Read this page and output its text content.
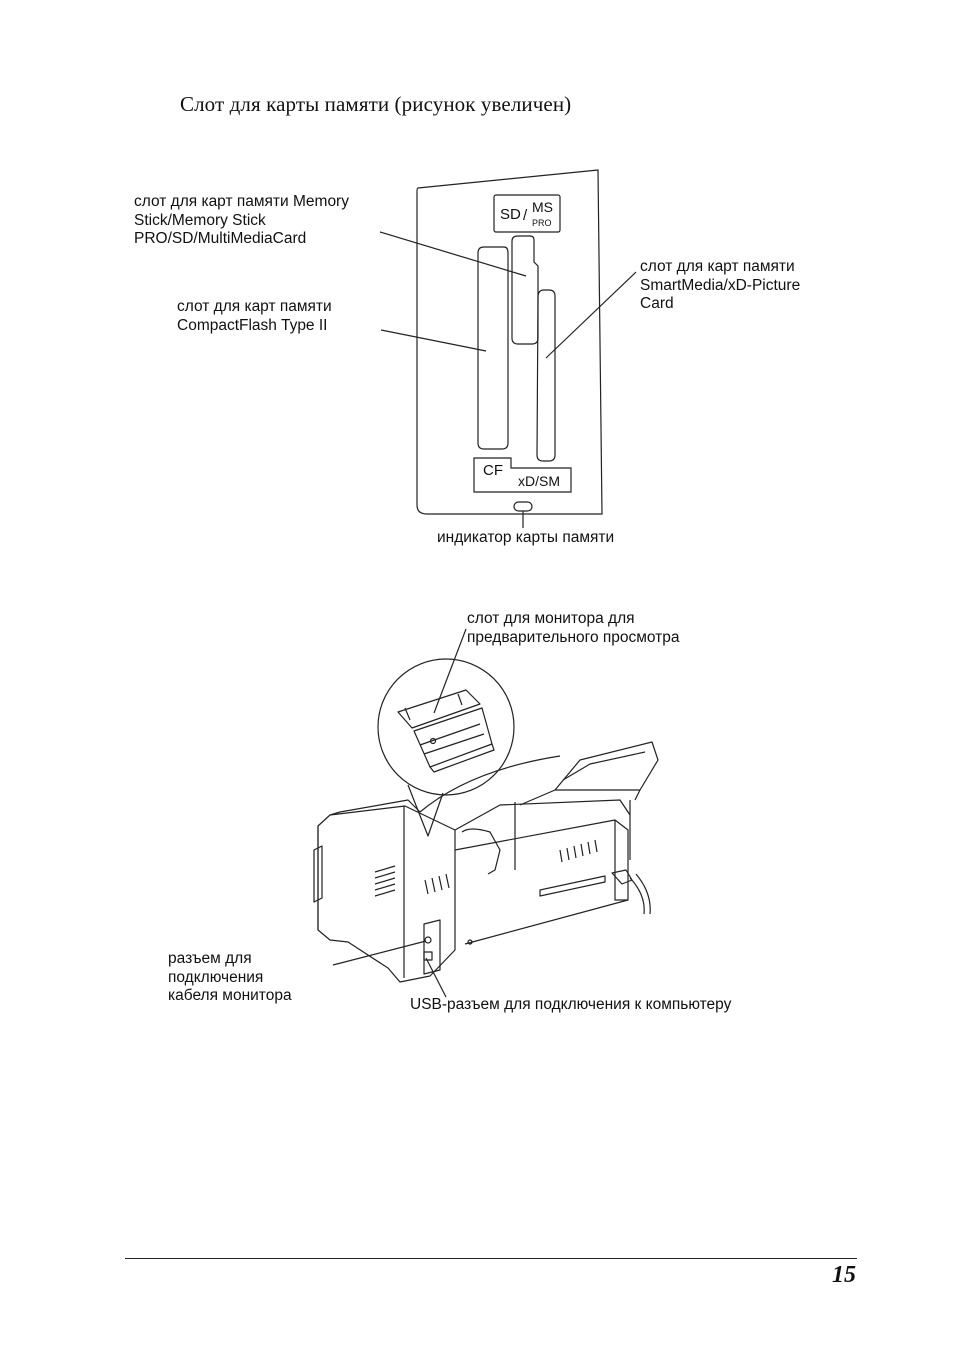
Слот для карты памяти (рисунок увеличен)
SD / MS
PRO
CF
xD/SM
слот для карт памяти Memory
Stick/Memory Stick
PRO/SD/MultiMediaCard
слот для карт памяти
CompactFlash Type II
слот для карт памяти
SmartMedia/xD-Picture
Card
индикатор карты памяти
слот для монитора для
предварительного просмотра
разъем для
подключения
кабеля монитора
USB-разъем для подключения к компьютеру
15
